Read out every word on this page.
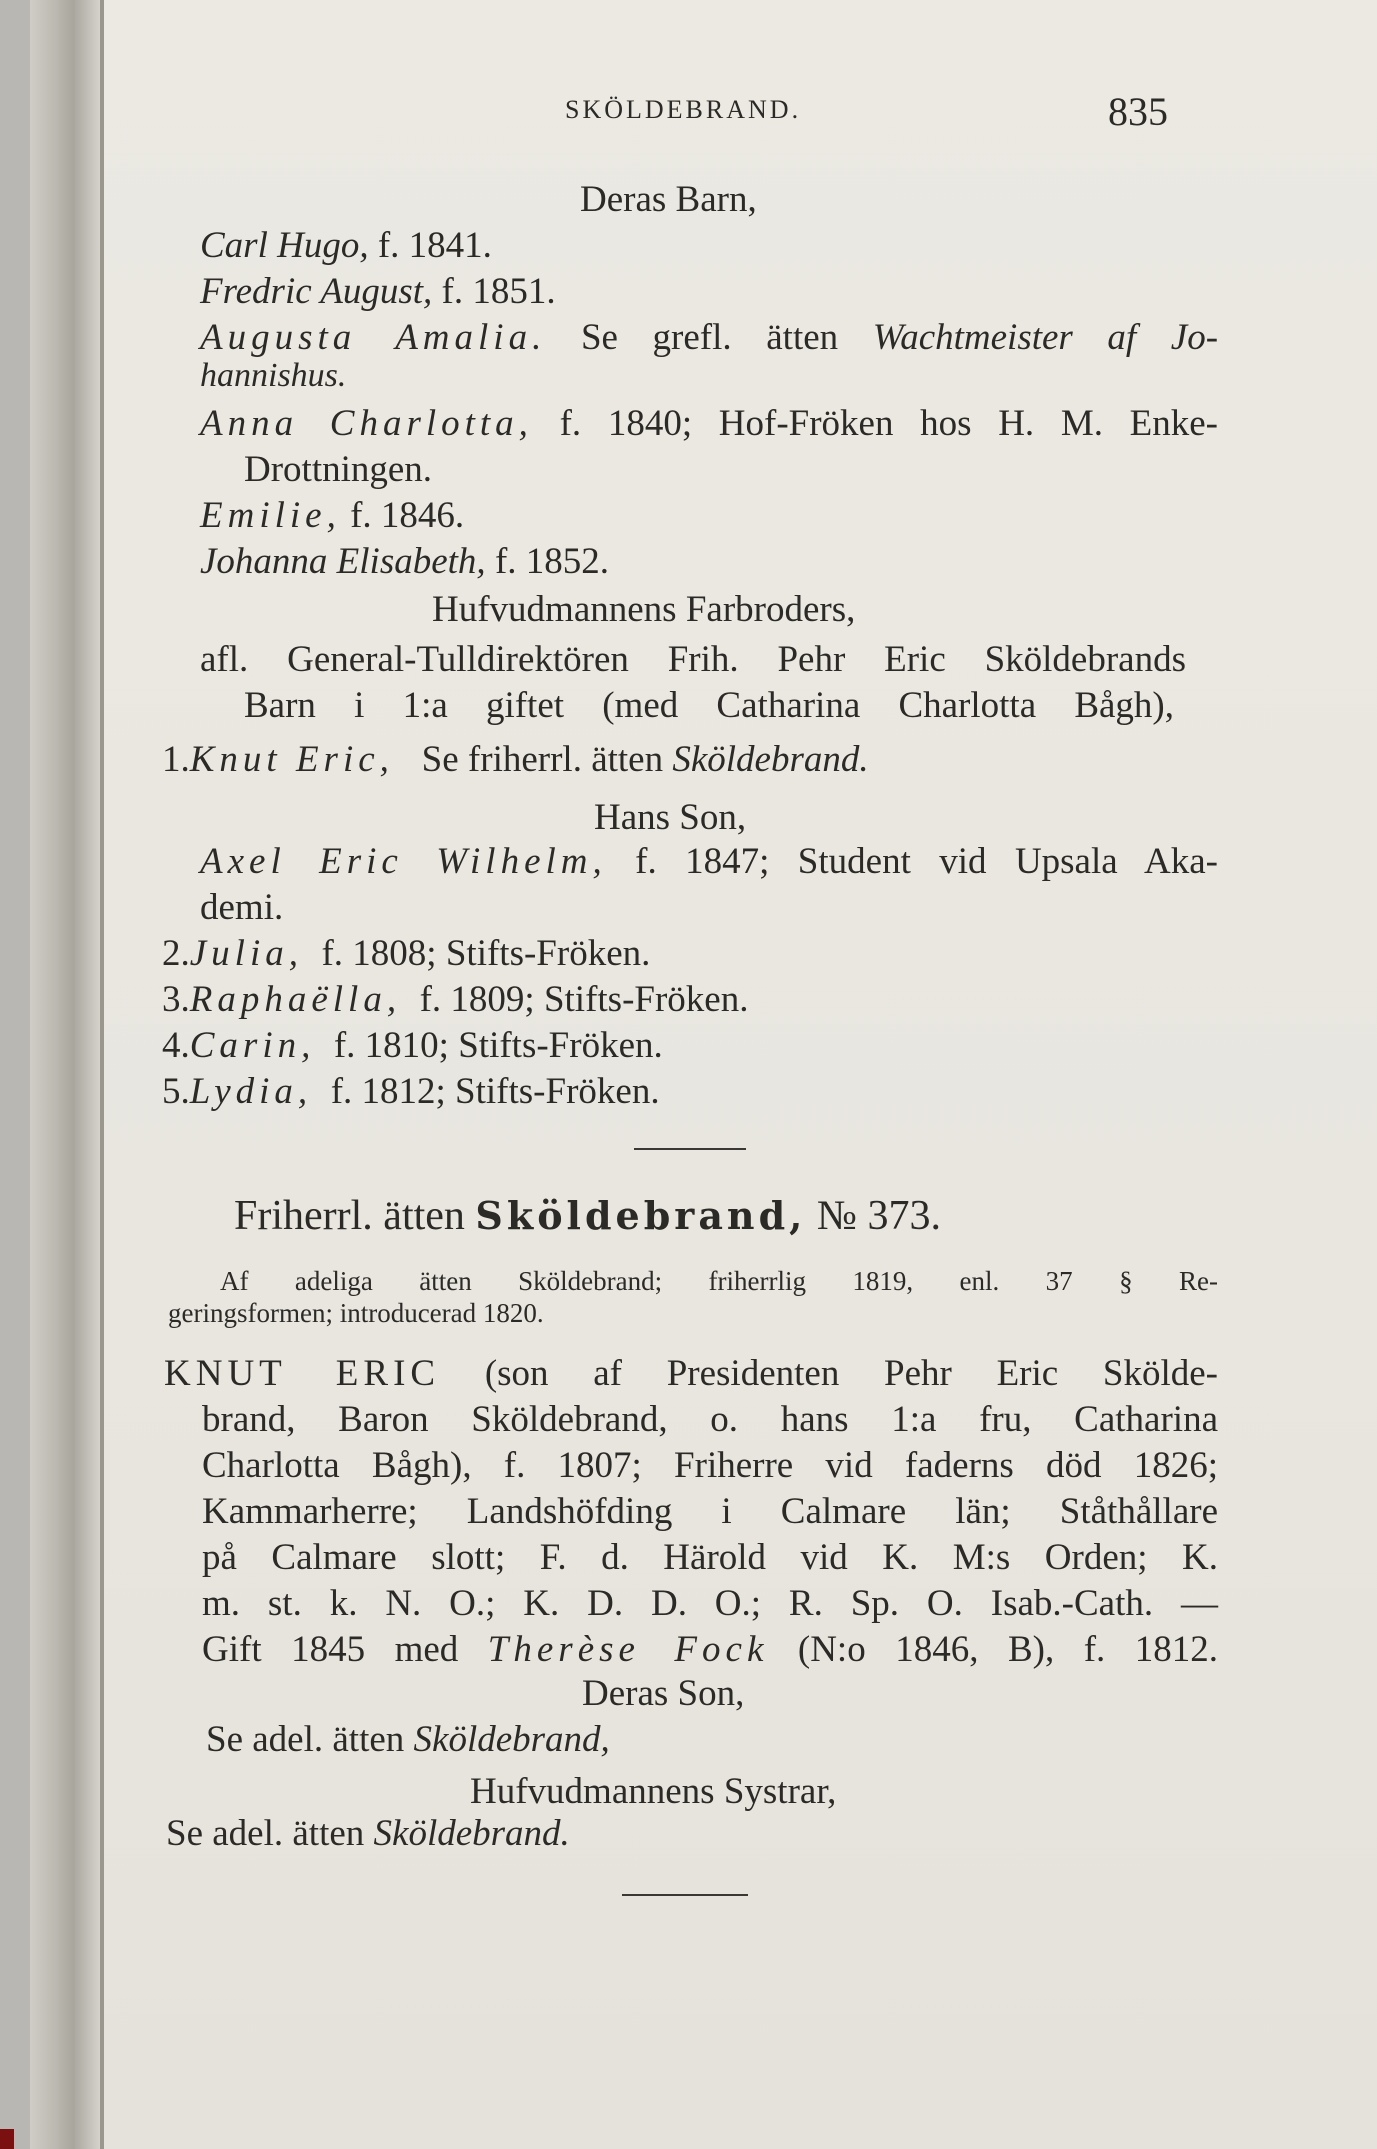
SKÖLDEBRAND.	835
Deras Barn,
Carl Hugo, f. 1841.
Fredric August, f. 1851.
Augusta Amalia. Se grefl. ätten Wachtmeister af Jo-
hannishus.
Anna Charlotta, f. 1840; Hof-Fröken hos H. M. Enke-
Drottningen.
Emilie, f. 1846.
Johanna Elisabeth, f. 1852.
Hufvudmannens Farbroders,
afl. General-Tulldirektören Frih. Pehr Eric Sköldebrands
Barn i 1:a giftet (med Catharina Charlotta Bågh),
1.Knut Eric, Se friherrl. ätten Sköldebrand.
Hans Son,
Axel Eric Wilhelm, f. 1847; Student vid Upsala Aka-
demi.
2.Julia, f. 1808; Stifts-Fröken.
3.Raphaëlla, f. 1809; Stifts-Fröken.
4.Carin, f. 1810; Stifts-Fröken.
5.Lydia, f. 1812; Stifts-Fröken.
Friherrl. ätten Sköldebrand, № 373.
Af adeliga ätten Sköldebrand; friherrlig 1819, enl. 37 § Re-
geringsformen; introducerad 1820.
KNUT ERIC (son af Presidenten Pehr Eric Skölde-
brand, Baron Sköldebrand, o. hans 1:a fru, Catharina
Charlotta Bågh), f. 1807; Friherre vid faderns död 1826;
Kammarherre; Landshöfding i Calmare län; Ståthållare
på Calmare slott; F. d. Härold vid K. M:s Orden; K.
m. st. k. N. O.; K. D. D. O.; R. Sp. O. Isab.-Cath. —
Gift 1845 med Therèse Fock (N:o 1846, B), f. 1812.
Deras Son,
Se adel. ätten Sköldebrand,
Hufvudmannens Systrar,
Se adel. ätten Sköldebrand.
